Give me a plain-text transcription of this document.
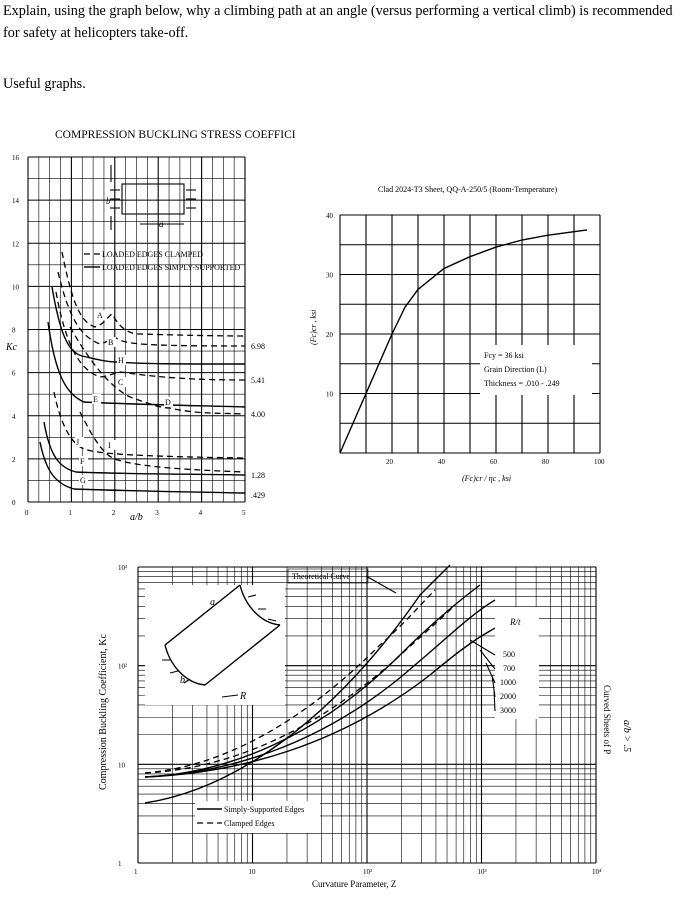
Explain, using the graph below, why a climbing path at an angle (versus performing a vertical climb) is recommended for safety at helicopters take-off.
Useful graphs.
COMPRESSION BUCKLING STRESS COEFFICI
0	1	2	3	4	5
0
2
4
6
8
10
12
14
16
6.98
5.41
4.00
1.28
.429
Kc
a/b
b
a
LOADED EDGES CLAMPED
LOADED EDGES SIMPLY-SUPPORTED
A
B
H
C
E	D
J	I
F
G
Clad 2024-T3 Sheet, QQ-A-250/5 (Room-Temperature)
20	40	60	80	100
10
20
30
40
(Fc)cr , ksi
(Fc)cr / ηc , ksi
Fcy = 36 ksi
Grain Direction (L)
Thickness = .010 - .249
1	10	10²	10³	10⁴
1
10
10²
10³
Compression Buckling Coefficient, Kc
Curvature Parameter, Z
a
b
R
Theoretical Curve
R/t
500
700
1000
2000
3000
Simply-Supported Edges
Clamped Edges
Curved Sheets of P a/b > .5
